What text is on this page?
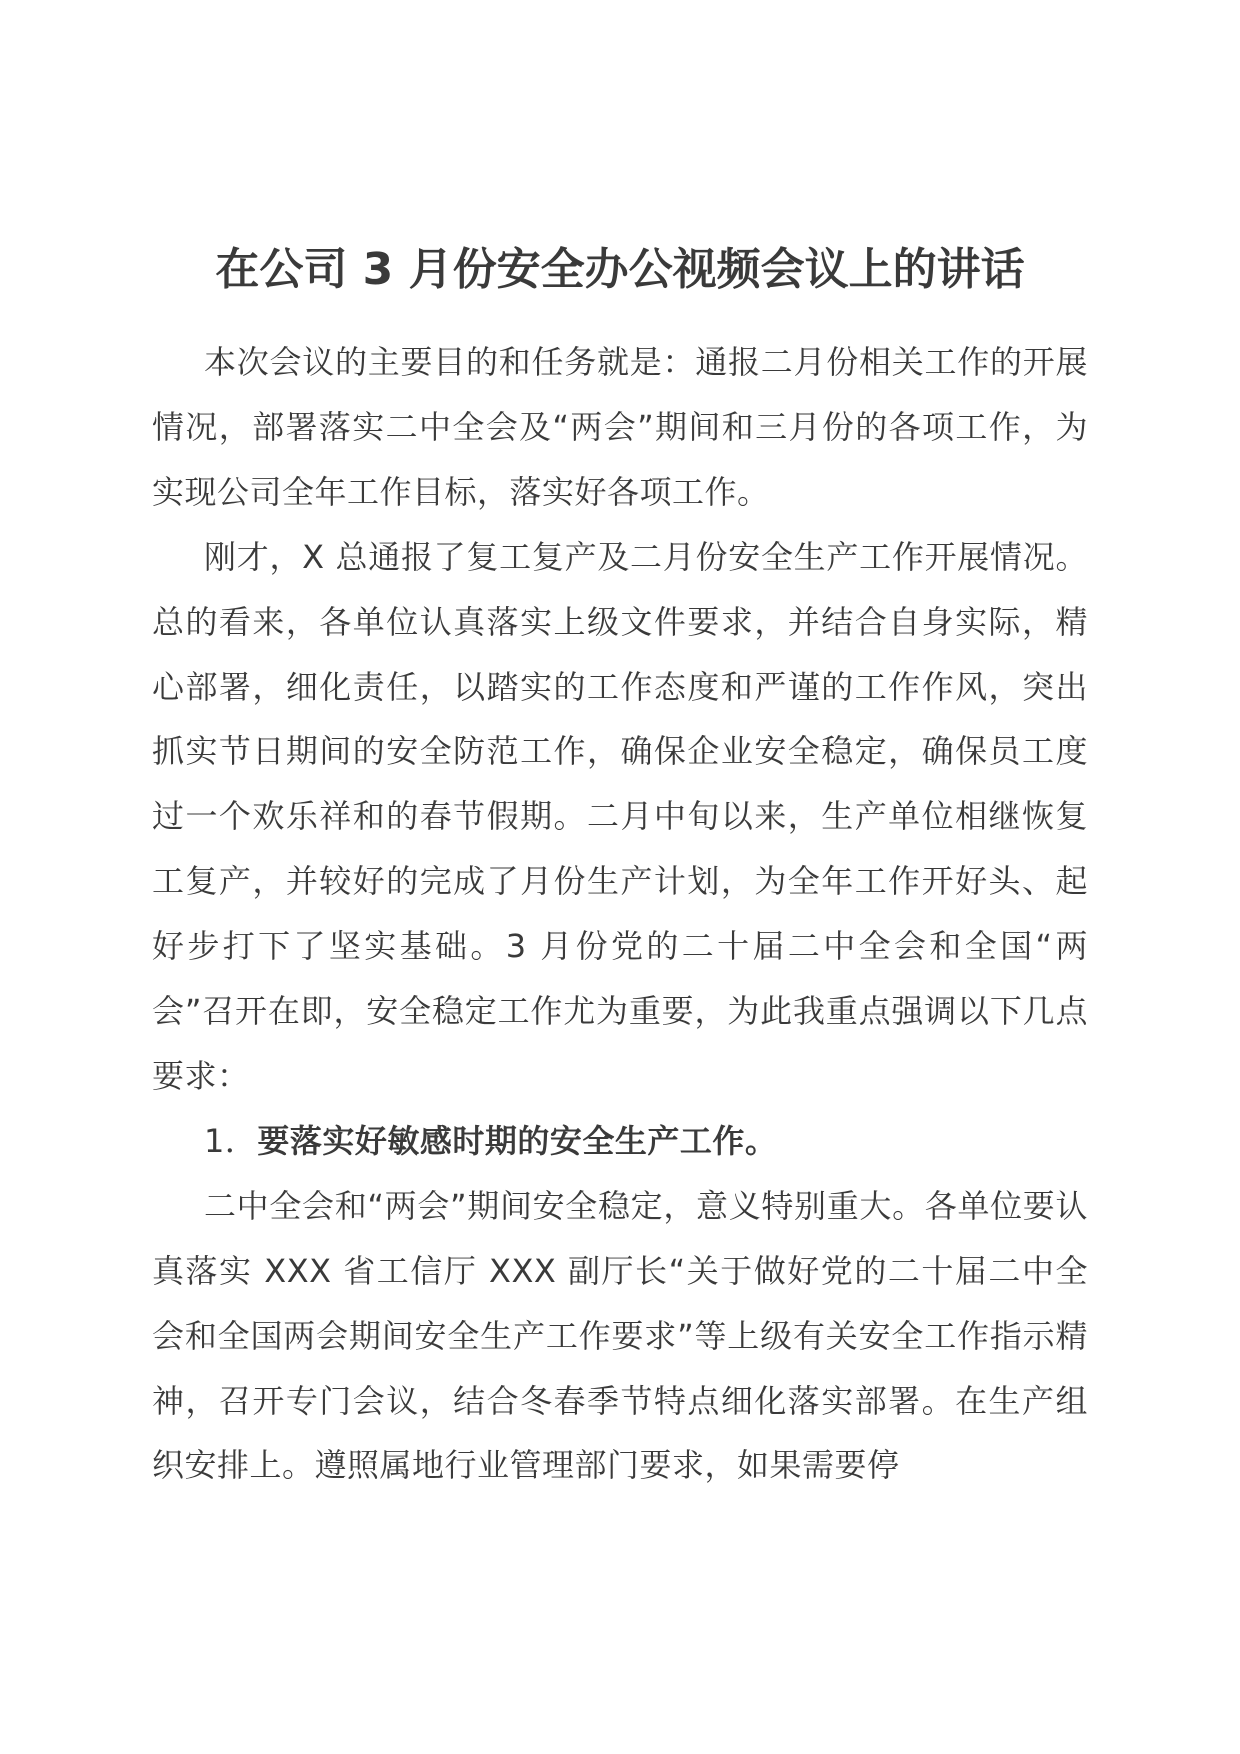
在公司 3 月份安全办公视频会议上的讲话

本次会议的主要目的和任务就是：通报二月份相关工作的开展情况，部署落实二中全会及“两会”期间和三月份的各项工作，为实现公司全年工作目标，落实好各项工作。

刚才，X 总通报了复工复产及二月份安全生产工作开展情况。总的看来，各单位认真落实上级文件要求，并结合自身实际，精心部署，细化责任，以踏实的工作态度和严谨的工作作风，突出抓实节日期间的安全防范工作，确保企业安全稳定，确保员工度过一个欢乐祥和的春节假期。二月中旬以来，生产单位相继恢复工复产，并较好的完成了月份生产计划，为全年工作开好头、起好步打下了坚实基础。3 月份党的二十届二中全会和全国“两会”召开在即，安全稳定工作尤为重要，为此我重点强调以下几点要求：

1．要落实好敏感时期的安全生产工作。

二中全会和“两会”期间安全稳定，意义特别重大。各单位要认真落实 XXX 省工信厅 XXX 副厅长“关于做好党的二十届二中全会和全国两会期间安全生产工作要求”等上级有关安全工作指示精神，召开专门会议，结合冬春季节特点细化落实部署。在生产组织安排上。遵照属地行业管理部门要求，如果需要停
